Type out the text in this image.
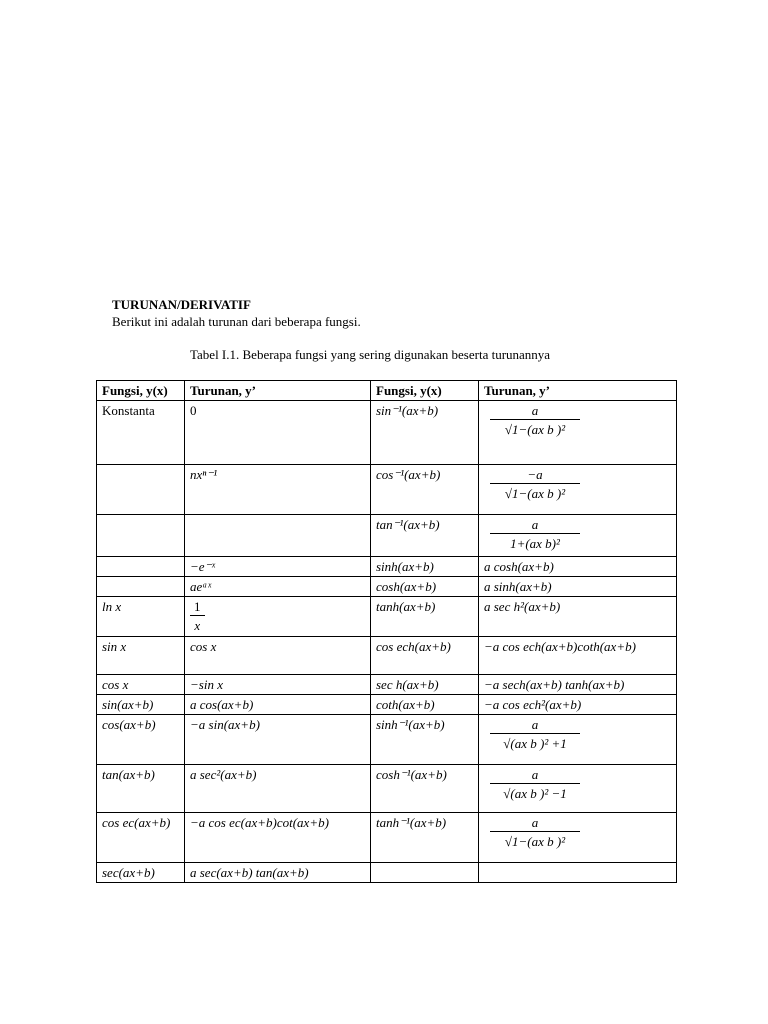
TURUNAN/DERIVATIF
Berikut ini adalah turunan dari beberapa fungsi.
Tabel I.1. Beberapa fungsi yang sering digunakan beserta turunannya
Fungsi, y(x)	Turunan, y’	Fungsi, y(x)	Turunan, y’
Konstanta	0	sin⁻¹(ax+b)	$\frac{a}{\text{√1−(ax b )²}}$

	nxⁿ⁻¹	cos⁻¹(ax+b)	$\frac{-a}{\text{√1−(ax b )²}}$

		tan⁻¹(ax+b)	$\frac{a}{\text{1+(ax b)²}}$

	−e⁻ˣ	sinh(ax+b)	a cosh(ax+b)
	aeᵃˣ	cosh(ax+b)	a sinh(ax+b)
ln x	$\frac{1}{x}$	tanh(ax+b)	a sec h²(ax+b)
sin x	cos x	cos ech(ax+b)	−a cos ech(ax+b)coth(ax+b)
cos x	−sin x	sec h(ax+b)	−a sech(ax+b) tanh(ax+b)
sin(ax+b)	a cos(ax+b)	coth(ax+b)	−a cos ech²(ax+b)
cos(ax+b)	−a sin(ax+b)	sinh⁻¹(ax+b)	$\frac{a}{\text{√(ax b )² +1}}$

tan(ax+b)	a sec²(ax+b)	cosh⁻¹(ax+b)	$\frac{a}{\text{√(ax b )² −1}}$

cos ec(ax+b)	−a cos ec(ax+b)cot(ax+b)	tanh⁻¹(ax+b)	$\frac{a}{\text{√1−(ax b )²}}$

sec(ax+b)	a sec(ax+b) tan(ax+b)		
